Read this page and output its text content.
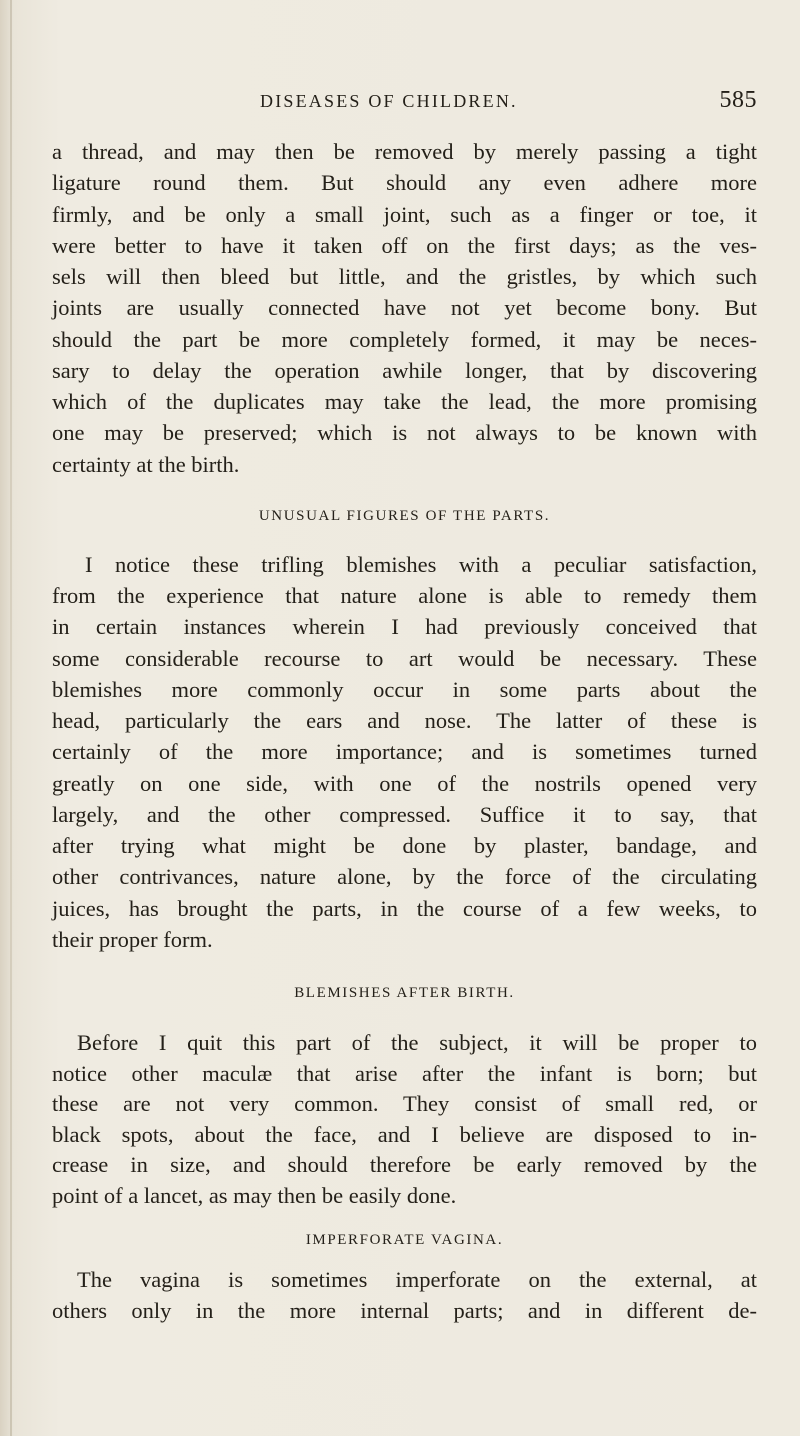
DISEASES OF CHILDREN.	585
a thread, and may then be removed by merely passing a tight
ligature round them. But should any even adhere more
firmly, and be only a small joint, such as a finger or toe, it
were better to have it taken off on the first days; as the ves-
sels will then bleed but little, and the gristles, by which such
joints are usually connected have not yet become bony. But
should the part be more completely formed, it may be neces-
sary to delay the operation awhile longer, that by discovering
which of the duplicates may take the lead, the more promising
one may be preserved; which is not always to be known with
certainty at the birth.
UNUSUAL FIGURES OF THE PARTS.
I notice these trifling blemishes with a peculiar satisfaction,
from the experience that nature alone is able to remedy them
in certain instances wherein I had previously conceived that
some considerable recourse to art would be necessary. These
blemishes more commonly occur in some parts about the
head, particularly the ears and nose. The latter of these is
certainly of the more importance; and is sometimes turned
greatly on one side, with one of the nostrils opened very
largely, and the other compressed. Suffice it to say, that
after trying what might be done by plaster, bandage, and
other contrivances, nature alone, by the force of the circulating
juices, has brought the parts, in the course of a few weeks, to
their proper form.
BLEMISHES AFTER BIRTH.
Before I quit this part of the subject, it will be proper to
notice other maculæ that arise after the infant is born; but
these are not very common. They consist of small red, or
black spots, about the face, and I believe are disposed to in-
crease in size, and should therefore be early removed by the
point of a lancet, as may then be easily done.
IMPERFORATE VAGINA.
The vagina is sometimes imperforate on the external, at
others only in the more internal parts; and in different de-
